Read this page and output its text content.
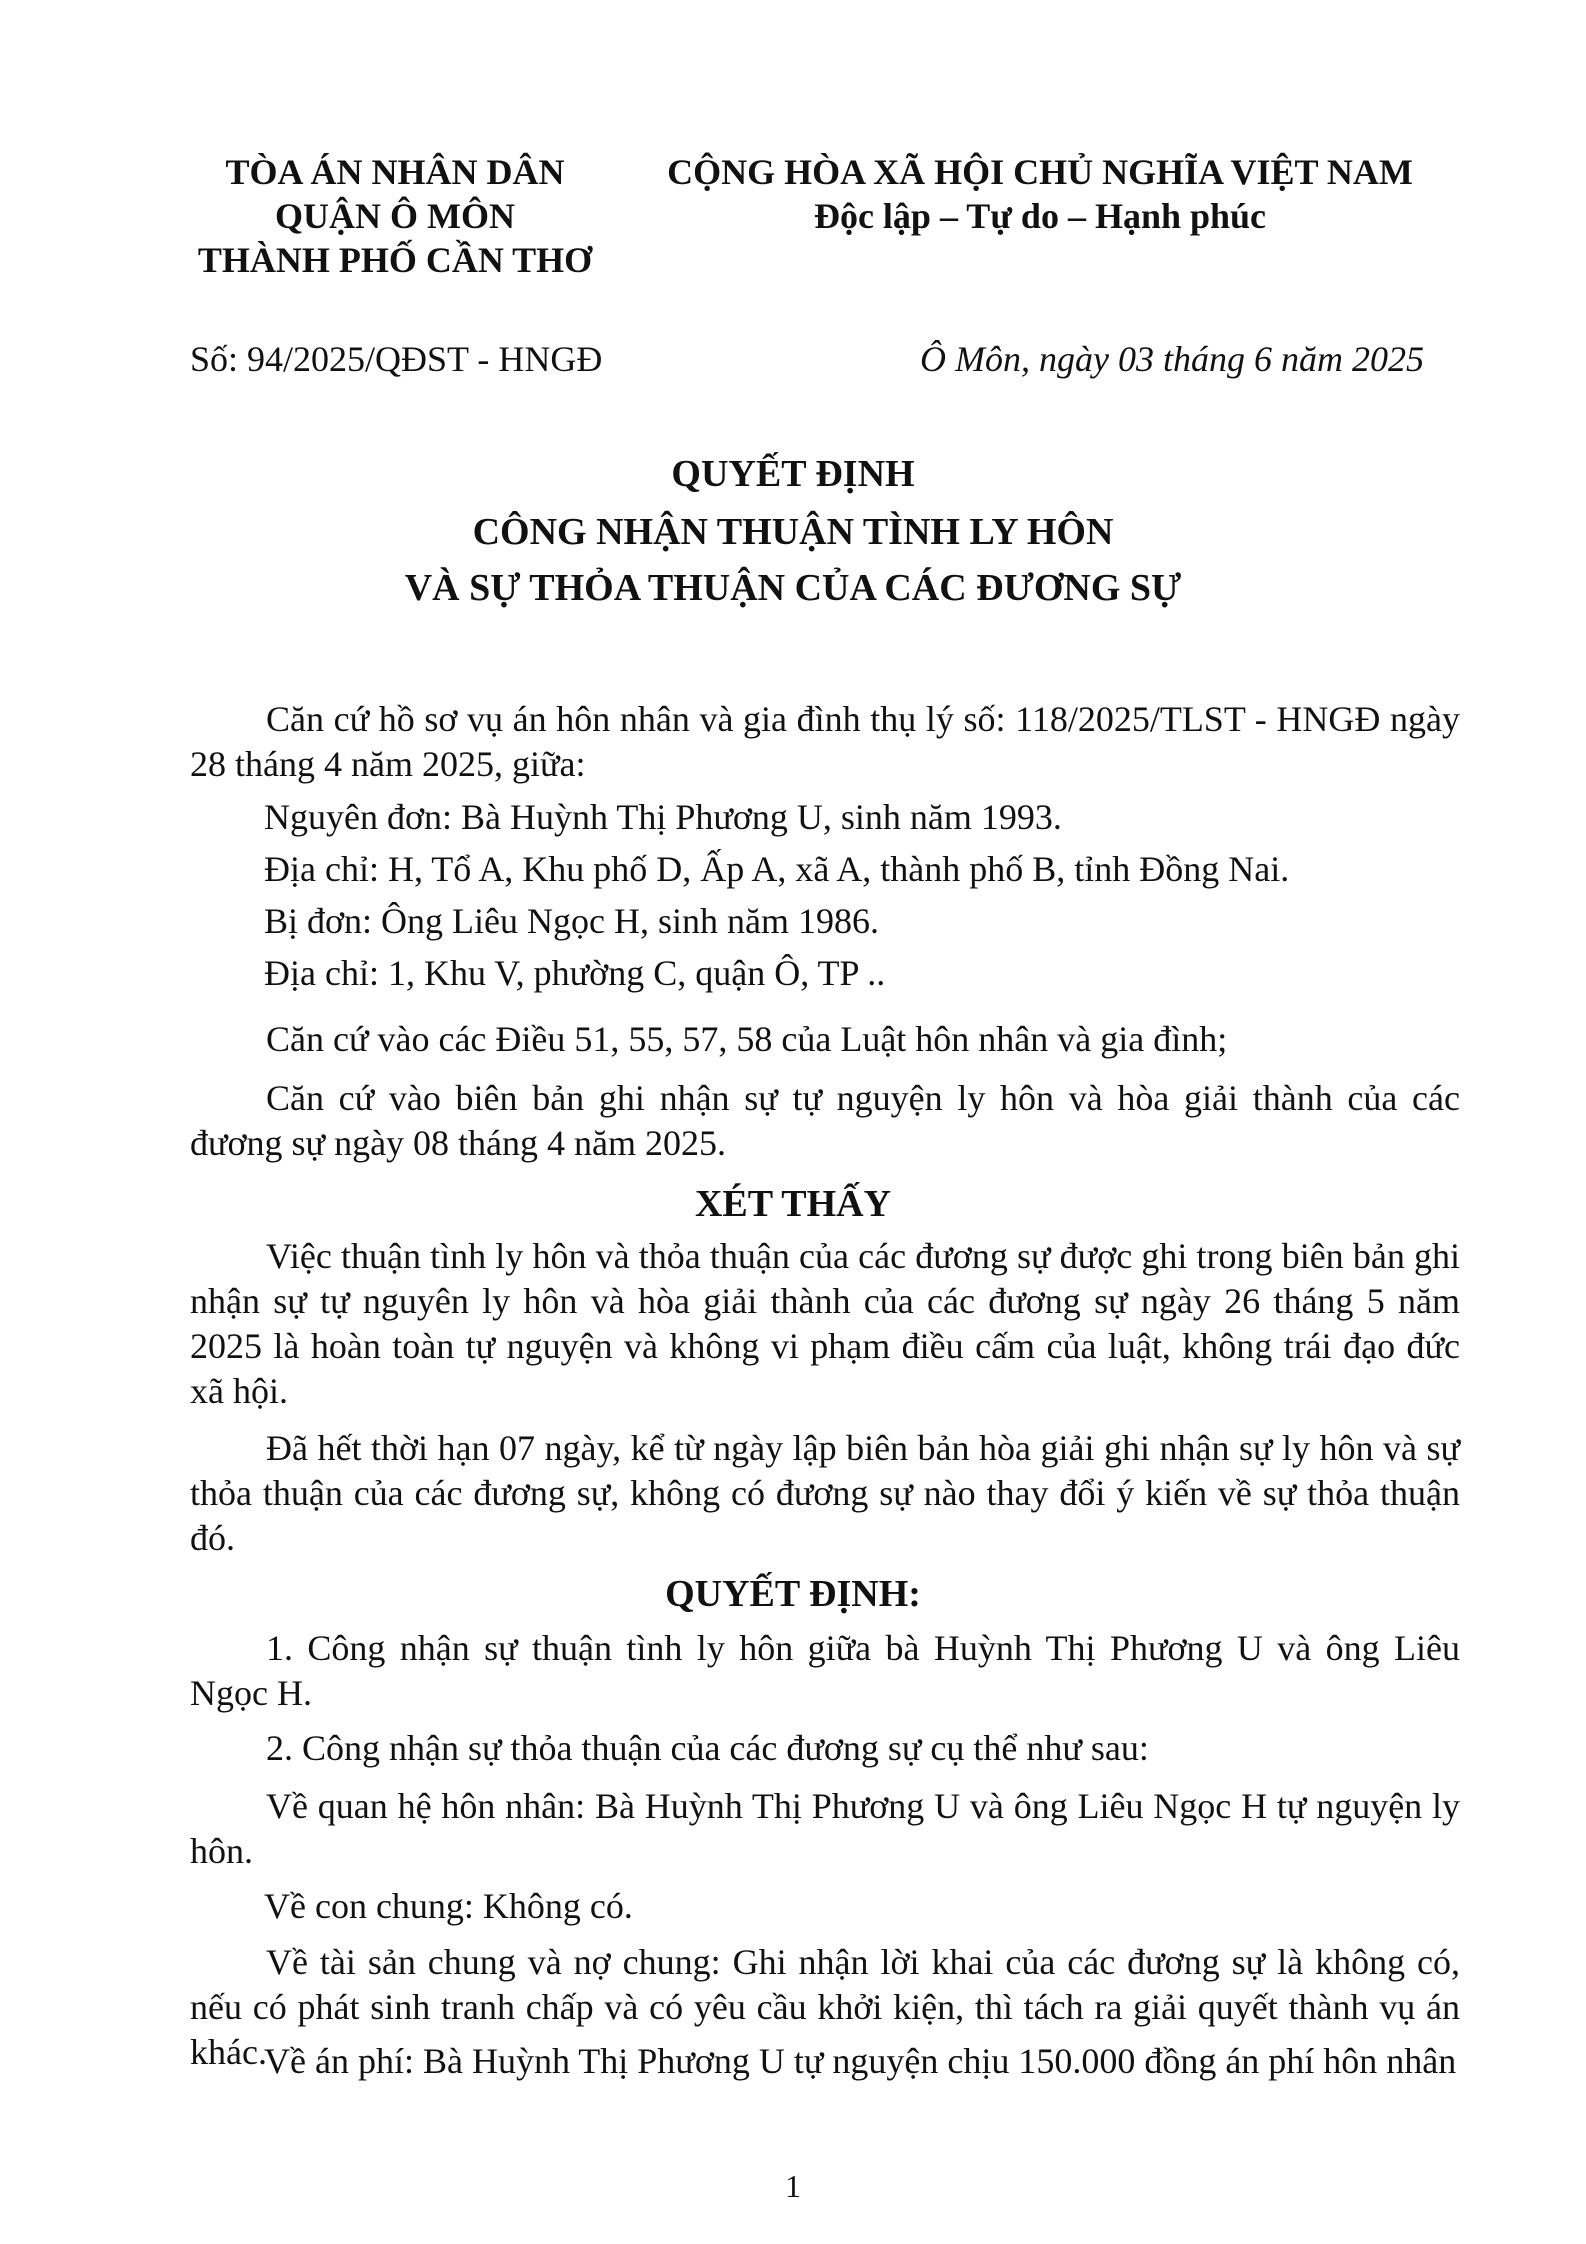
TÒA ÁN NHÂN DÂN
QUẬN Ô MÔN
THÀNH PHỐ CẦN THƠ
CỘNG HÒA XÃ HỘI CHỦ NGHĨA VIỆT NAM
Độc lập – Tự do – Hạnh phúc
Số: 94/2025/QĐST - HNGĐ	Ô Môn, ngày 03 tháng 6 năm 2025
QUYẾT ĐỊNH
CÔNG NHẬN THUẬN TÌNH LY HÔN
VÀ SỰ THỎA THUẬN CỦA CÁC ĐƯƠNG SỰ
Căn cứ hồ sơ vụ án hôn nhân và gia đình thụ lý số: 118/2025/TLST - HNGĐ ngày 28 tháng 4 năm 2025, giữa:
Nguyên đơn: Bà Huỳnh Thị Phương U, sinh năm 1993.
Địa chỉ: H, Tổ A, Khu phố D, Ấp A, xã A, thành phố B, tỉnh Đồng Nai.
Bị đơn: Ông Liêu Ngọc H, sinh năm 1986.
Địa chỉ: 1, Khu V, phường C, quận Ô, TP ..
Căn cứ vào các Điều 51, 55, 57, 58 của Luật hôn nhân và gia đình;
Căn cứ vào biên bản ghi nhận sự tự nguyện ly hôn và hòa giải thành của các đương sự ngày 08 tháng 4 năm 2025.
XÉT THẤY
Việc thuận tình ly hôn và thỏa thuận của các đương sự được ghi trong biên bản ghi nhận sự tự nguyên ly hôn và hòa giải thành của các đương sự ngày 26 tháng 5 năm 2025 là hoàn toàn tự nguyện và không vi phạm điều cấm của luật, không trái đạo đức xã hội.
Đã hết thời hạn 07 ngày, kể từ ngày lập biên bản hòa giải ghi nhận sự ly hôn và sự thỏa thuận của các đương sự, không có đương sự nào thay đổi ý kiến về sự thỏa thuận đó.
QUYẾT ĐỊNH:
1. Công nhận sự thuận tình ly hôn giữa bà Huỳnh Thị Phương U và ông Liêu Ngọc H.
2. Công nhận sự thỏa thuận của các đương sự cụ thể như sau:
Về quan hệ hôn nhân: Bà Huỳnh Thị Phương U và ông Liêu Ngọc H tự nguyện ly hôn.
Về con chung: Không có.
Về tài sản chung và nợ chung: Ghi nhận lời khai của các đương sự là không có, nếu có phát sinh tranh chấp và có yêu cầu khởi kiện, thì tách ra giải quyết thành vụ án khác.
Về án phí: Bà Huỳnh Thị Phương U tự nguyện chịu 150.000 đồng án phí hôn nhân
1
